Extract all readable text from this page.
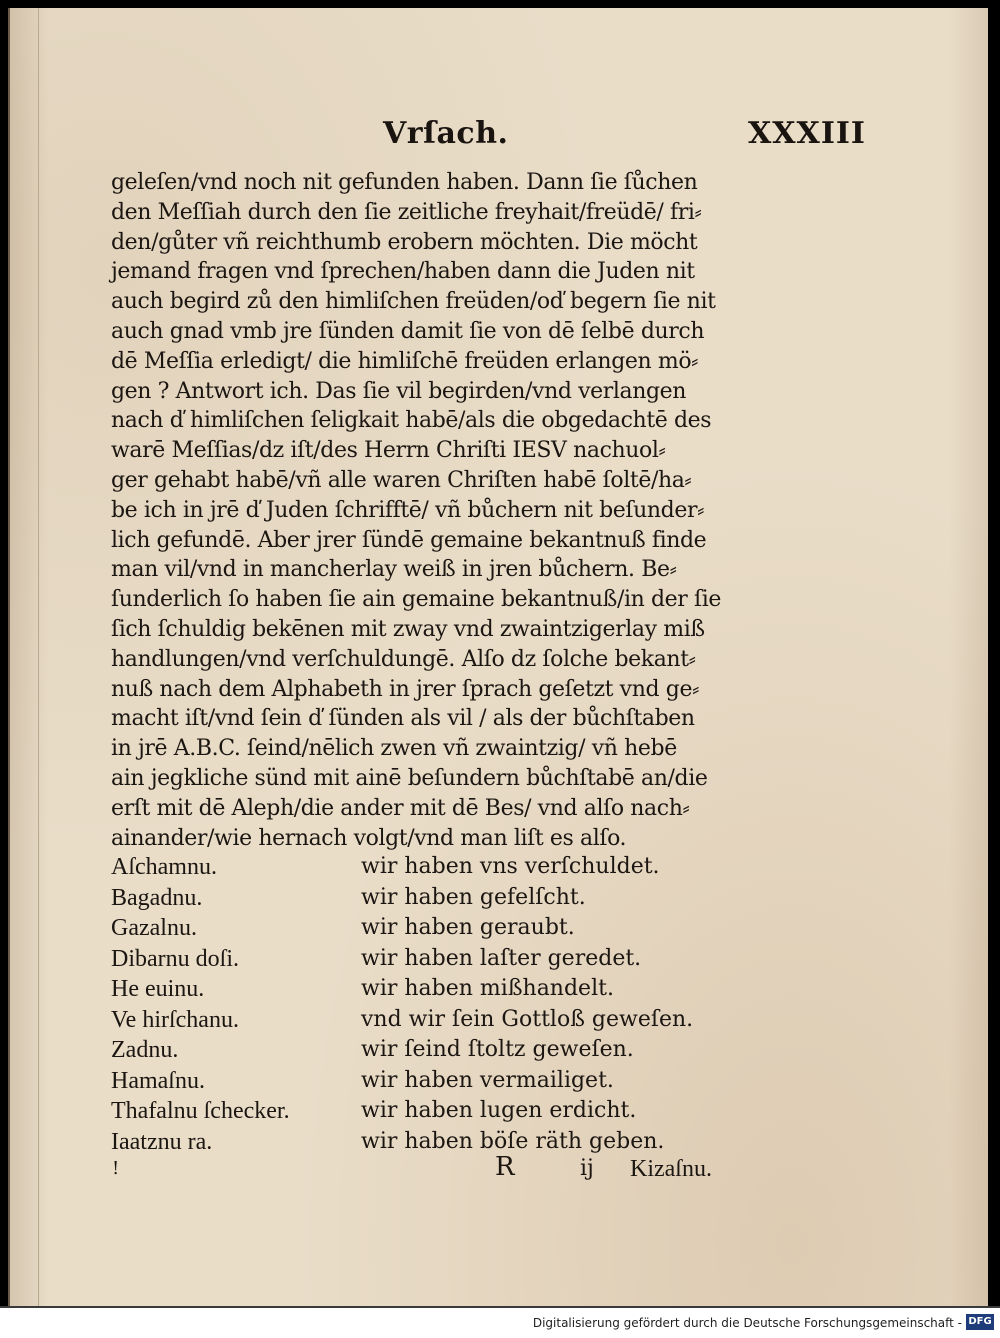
Vrſach.	XXXIII
geleſen/vnd noch nit gefunden haben. Dann ſie ſůchen
den Meſſiah durch den ſie zeitliche freyhait/freüdē/ fri⸗
den/gůter vñ reichthumb erobern möchten. Die möcht
jemand fragen vnd ſprechen/haben dann die Juden nit
auch begird zů den himliſchen freüden/oď begern ſie nit
auch gnad vmb jre ſünden damit ſie von dē ſelbē durch
dē Meſſia erledigt/ die himliſchē freüden erlangen mö⸗
gen ? Antwort ich. Das ſie vil begirden/vnd verlangen
nach ď himliſchen ſeligkait habē/als die obgedachtē des
warē Meſſias/dz iſt/des Herrn Chriſti IESV nachuol⸗
ger gehabt habē/vñ alle waren Chriſten habē ſoltē/ha⸗
be ich in jrē ď Juden ſchrifftē/ vñ bůchern nit beſunder⸗
lich gefundē. Aber jrer ſündē gemaine bekantnuß finde
man vil/vnd in mancherlay weiß in jren bůchern. Be⸗
ſunderlich ſo haben ſie ain gemaine bekantnuß/in der ſie
ſich ſchuldig bekēnen mit zway vnd zwaintzigerlay miß
handlungen/vnd verſchuldungē. Alſo dz ſolche bekant⸗
nuß nach dem Alphabeth in jrer ſprach geſetzt vnd ge⸗
macht iſt/vnd ſein ď ſünden als vil / als der bůchſtaben
in jrē A.B.C. ſeind/nēlich zwen vñ zwaintzig/ vñ hebē
ain jegkliche sünd mit ainē beſundern bůchſtabē an/die
erſt mit dē Aleph/die ander mit dē Bes/ vnd alſo nach⸗
ainander/wie hernach volgt/vnd man liſt es alſo.
Aſchamnu.	wir haben vns verſchuldet.
Bagadnu.	wir haben gefelſcht.
Gazalnu.	wir haben geraubt.
Dibarnu doſi.	wir haben laſter geredet.
He euinu.	wir haben mißhandelt.
Ve hirſchanu.	vnd wir ſein Gottloß geweſen.
Zadnu.	wir ſeind ſtoltz geweſen.
Hamaſnu.	wir haben vermailiget.
Thafalnu ſchecker.	wir haben lugen erdicht.
Iaatznu ra.	wir haben böſe räth geben.
!	R	ij Kizaſnu.
Digitalisierung gefördert durch die Deutsche Forschungsgemeinschaft - DFG
